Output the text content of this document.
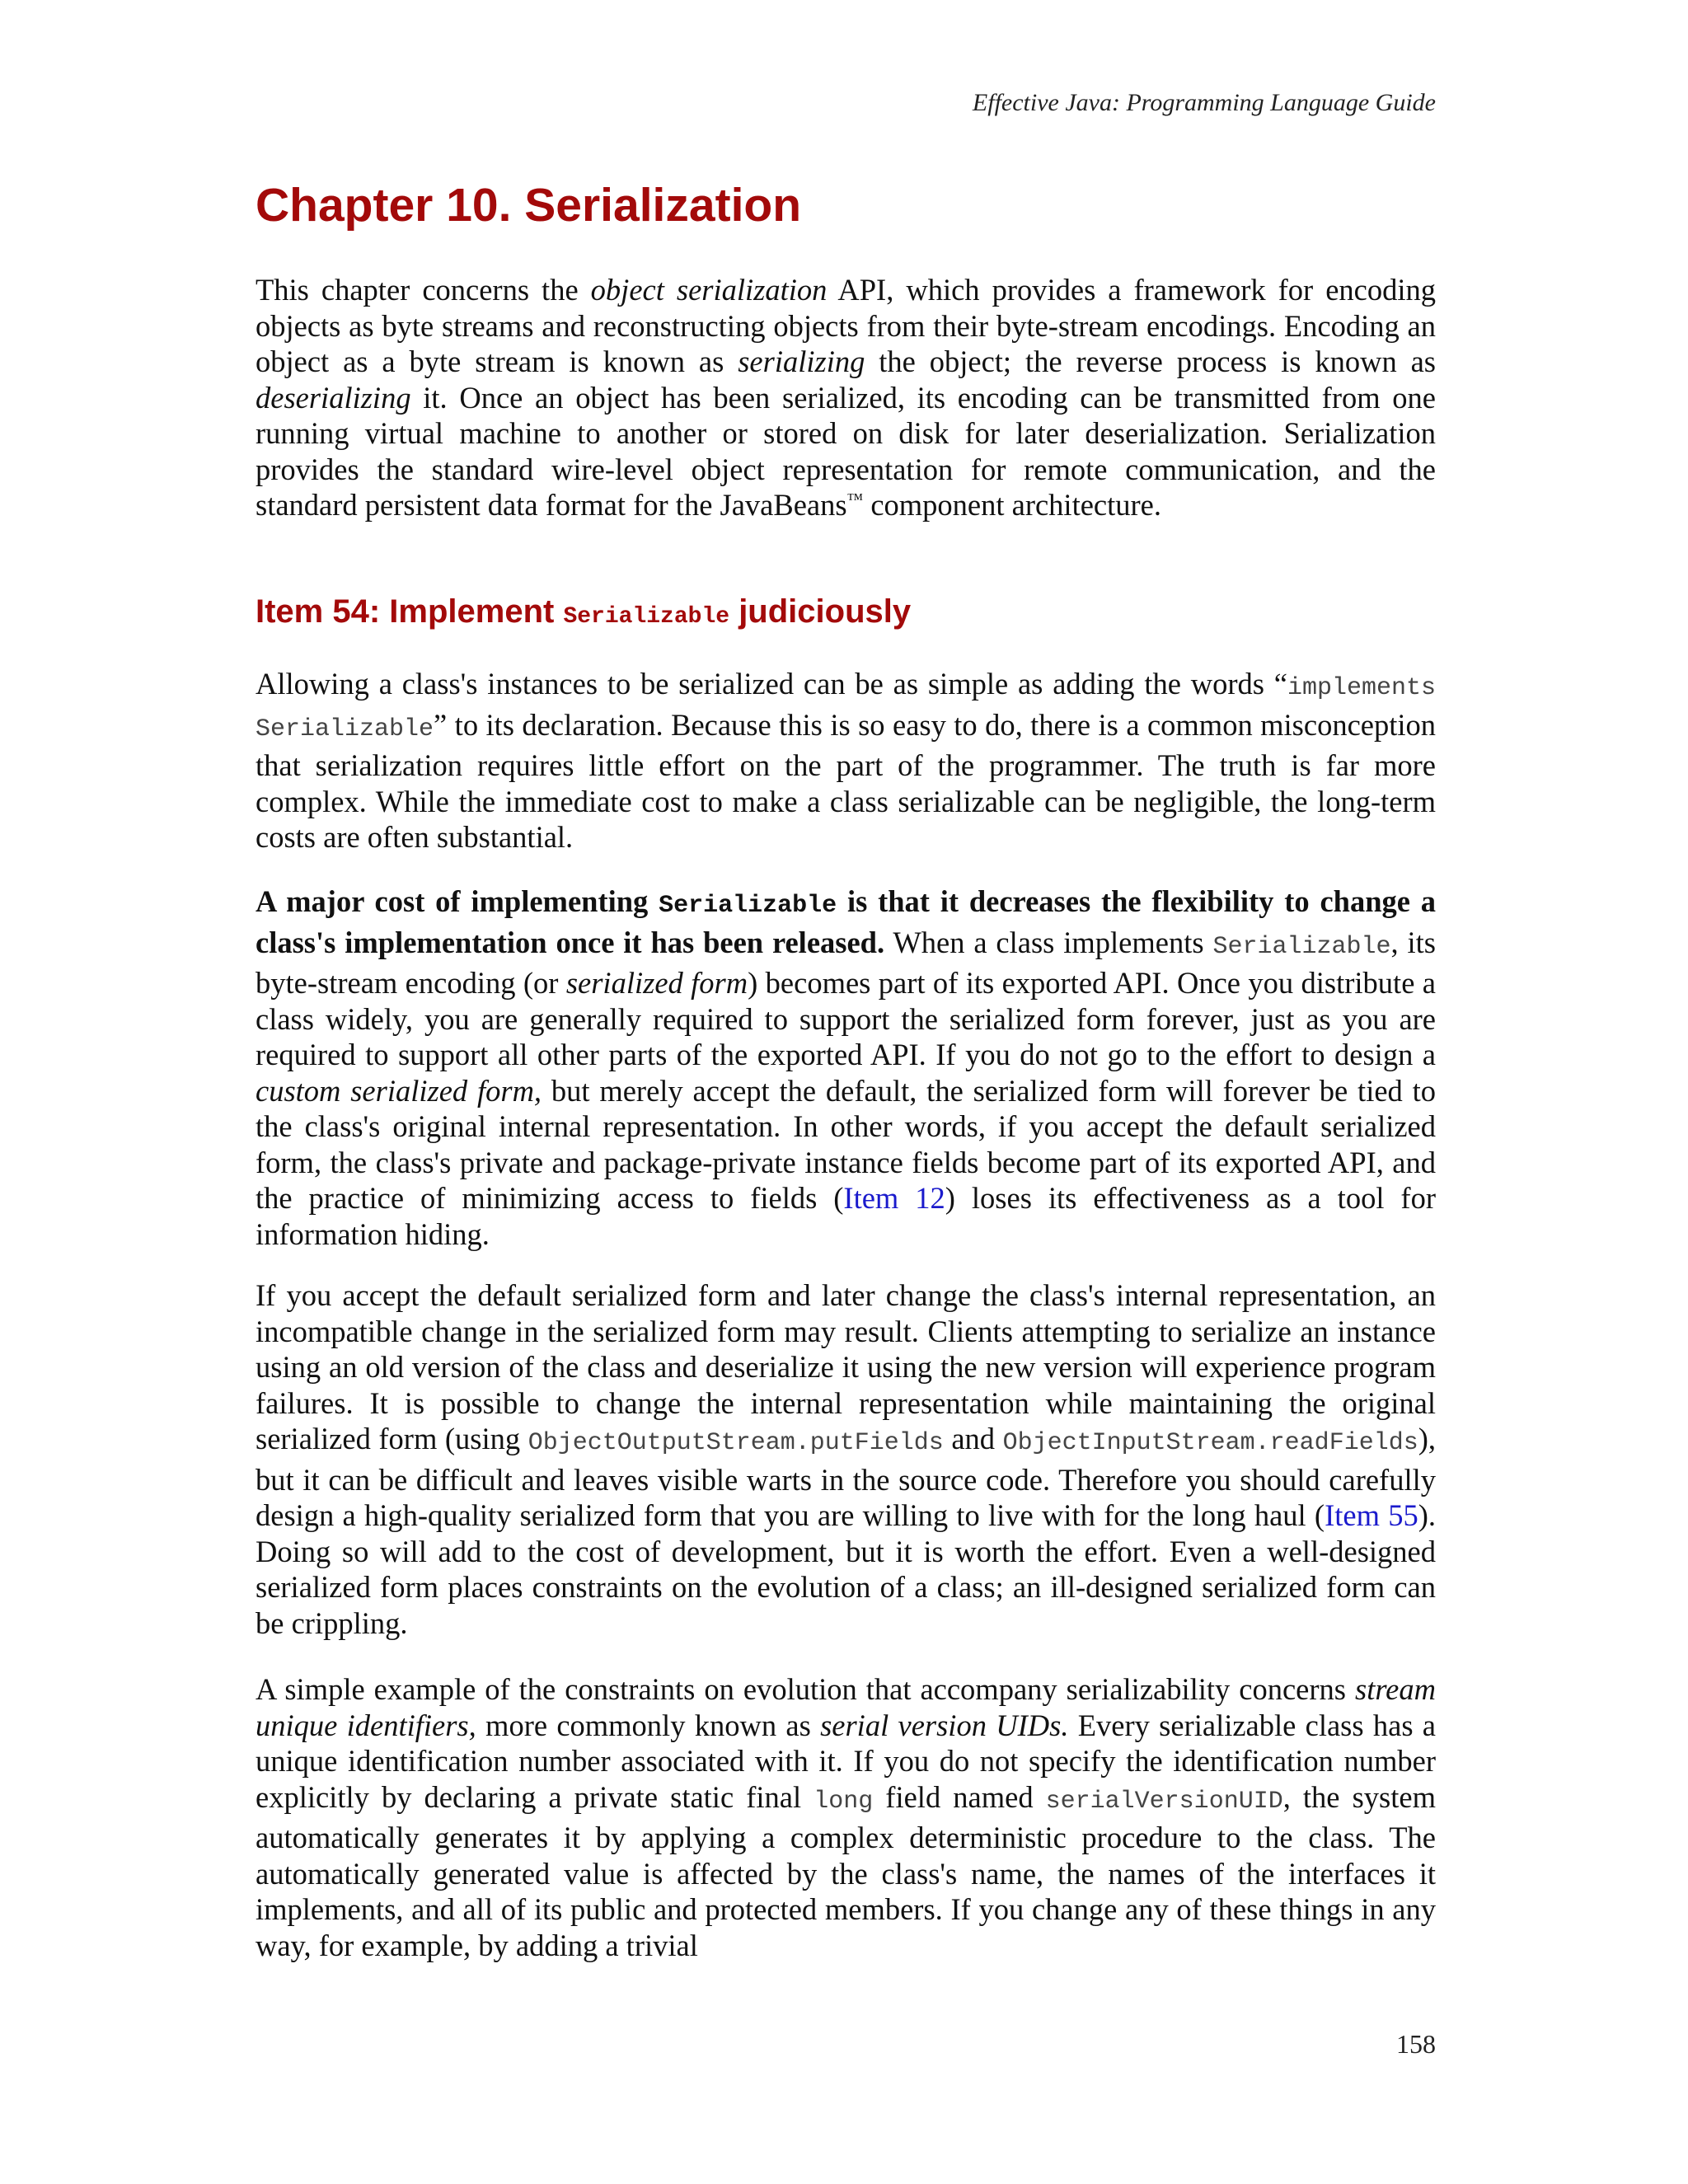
Effective Java: Programming Language Guide
Chapter 10. Serialization

This chapter concerns the object serialization API, which provides a framework for encoding objects as byte streams and reconstructing objects from their byte-stream encodings. Encoding an object as a byte stream is known as serializing the object; the reverse process is known as deserializing it. Once an object has been serialized, its encoding can be transmitted from one running virtual machine to another or stored on disk for later deserialization. Serialization provides the standard wire-level object representation for remote communication, and the standard persistent data format for the JavaBeans™ component architecture.

Item 54: Implement Serializable judiciously

Allowing a class's instances to be serialized can be as simple as adding the words “implements Serializable” to its declaration. Because this is so easy to do, there is a common misconception that serialization requires little effort on the part of the programmer. The truth is far more complex. While the immediate cost to make a class serializable can be negligible, the long-term costs are often substantial.

A major cost of implementing Serializable is that it decreases the flexibility to change a class's implementation once it has been released. When a class implements Serializable, its byte-stream encoding (or serialized form) becomes part of its exported API. Once you distribute a class widely, you are generally required to support the serialized form forever, just as you are required to support all other parts of the exported API. If you do not go to the effort to design a custom serialized form, but merely accept the default, the serialized form will forever be tied to the class's original internal representation. In other words, if you accept the default serialized form, the class's private and package-private instance fields become part of its exported API, and the practice of minimizing access to fields (Item 12) loses its effectiveness as a tool for information hiding.

If you accept the default serialized form and later change the class's internal representation, an incompatible change in the serialized form may result. Clients attempting to serialize an instance using an old version of the class and deserialize it using the new version will experience program failures. It is possible to change the internal representation while maintaining the original serialized form (using ObjectOutputStream.putFields and ObjectInputStream.readFields), but it can be difficult and leaves visible warts in the source code. Therefore you should carefully design a high-quality serialized form that you are willing to live with for the long haul (Item 55). Doing so will add to the cost of development, but it is worth the effort. Even a well-designed serialized form places constraints on the evolution of a class; an ill-designed serialized form can be crippling.

A simple example of the constraints on evolution that accompany serializability concerns stream unique identifiers, more commonly known as serial version UIDs. Every serializable class has a unique identification number associated with it. If you do not specify the identification number explicitly by declaring a private static final long field named serialVersionUID, the system automatically generates it by applying a complex deterministic procedure to the class. The automatically generated value is affected by the class's name, the names of the interfaces it implements, and all of its public and protected members. If you change any of these things in any way, for example, by adding a trivial

158
